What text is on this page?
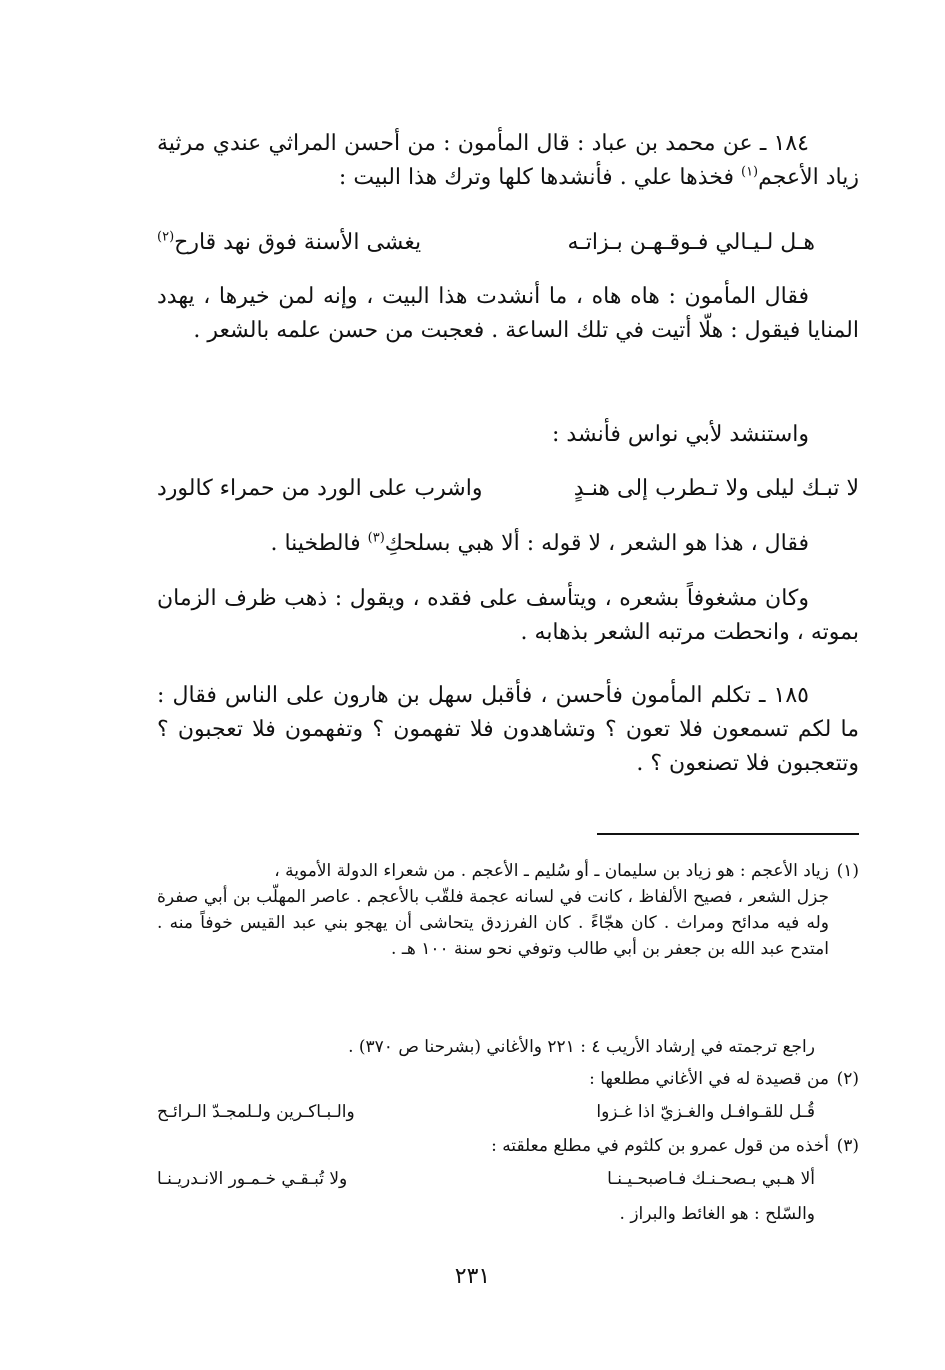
١٨٤ ـ عن محمد بن عباد : قال المأمون : من أحسن المراثي عندي مرثية زياد الأعجم$^{(١)}$ فخذها علي . فأنشدها كلها وترك هذا البيت :
هـل لـيـالي فـوقـهـن بـزاتـه
يغشى الأسنة فوق نهد قارح$^{(٢)}$
فقال المأمون : هاه هاه ، ما أنشدت هذا البيت ، وإنه لمن خيرها ، يهدد المنايا فيقول : هلّا أتيت في تلك الساعة . فعجبت من حسن علمه بالشعر .
واستنشد لأبي نواس فأنشد :
لا تبـك ليلى ولا تـطرب إلى هنـدٍ
واشرب على الورد من حمراء كالورد
فقال ، هذا هو الشعر ، لا قوله : ألا هبي بسلحكِ$^{(٣)}$ فالطخينا .
وكان مشغوفاً بشعره ، ويتأسف على فقده ، ويقول : ذهب ظرف الزمان بموته ، وانحطت مرتبه الشعر بذهابه .
١٨٥ ـ تكلم المأمون فأحسن ، فأقبل سهل بن هارون على الناس فقال : ما لكم تسمعون فلا تعون ؟ وتشاهدون فلا تفهمون ؟ وتفهمون فلا تعجبون ؟ وتتعجبون فلا تصنعون ؟ .
(١)زياد الأعجم : هو زياد بن سليمان ـ أو سُليم ـ الأعجم . من شعراء الدولة الأموية ،
جزل الشعر ، فصيح الألفاظ ، كانت في لسانه عجمة فلقّب بالأعجم . عاصر المهلّب بن أبي صفرة وله فيه مدائح ومراث . كان هجّاءً . كان الفرزدق يتحاشى أن يهجو بني عبد القيس خوفاً منه . امتدح عبد الله بن جعفر بن أبي طالب وتوفي نحو سنة ١٠٠ هـ .
راجع ترجمته في إرشاد الأريب ٤ : ٢٢١ والأغاني (بشرحنا ص ٣٧٠) .
(٢)من قصيدة له في الأغاني مطلعها :
قُـل للقـوافـل والغـزيّ اذا غـزوا
والـبـاكـرين ولـلمجـدّ الـرائـح
(٣)أخذه من قول عمرو بن كلثوم في مطلع معلقته :
ألا هـبي بـصحـنـك فـاصبحـيـنـا
ولا تُبـقـي خـمـور الانـدريـنـا
والسّلح : هو الغائط والبراز .
٢٣١
